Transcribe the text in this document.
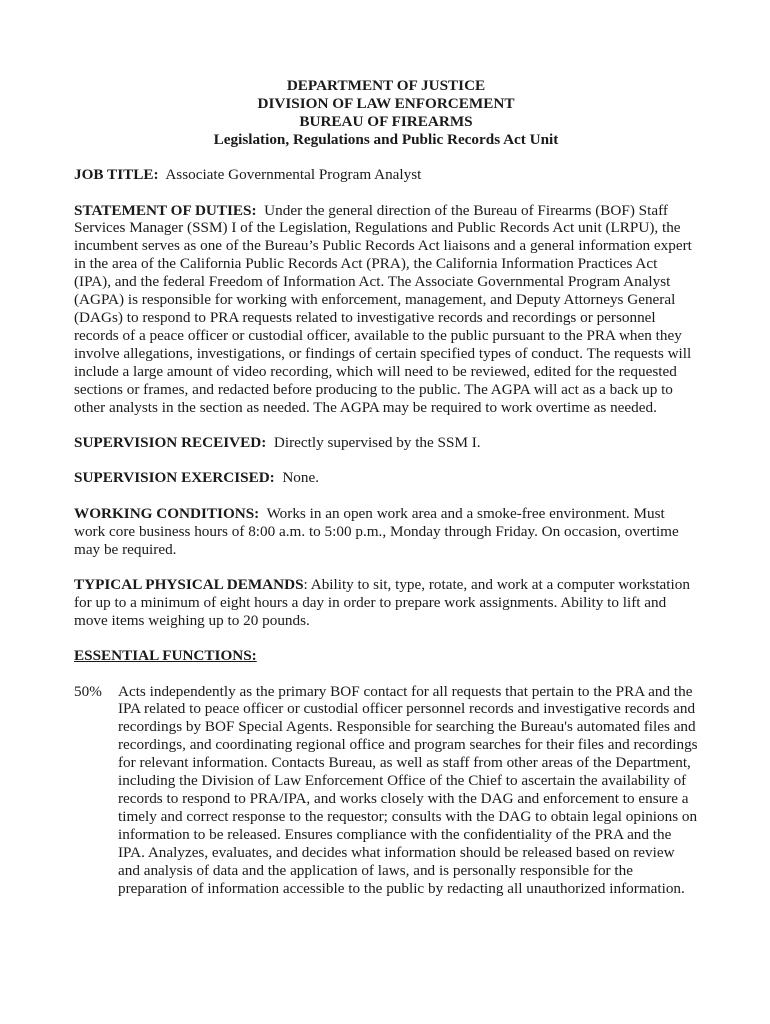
DEPARTMENT OF JUSTICE
DIVISION OF LAW ENFORCEMENT
BUREAU OF FIREARMS
Legislation, Regulations and Public Records Act Unit
JOB TITLE: Associate Governmental Program Analyst
STATEMENT OF DUTIES: Under the general direction of the Bureau of Firearms (BOF) Staff Services Manager (SSM) I of the Legislation, Regulations and Public Records Act unit (LRPU), the incumbent serves as one of the Bureau’s Public Records Act liaisons and a general information expert in the area of the California Public Records Act (PRA), the California Information Practices Act (IPA), and the federal Freedom of Information Act. The Associate Governmental Program Analyst (AGPA) is responsible for working with enforcement, management, and Deputy Attorneys General (DAGs) to respond to PRA requests related to investigative records and recordings or personnel records of a peace officer or custodial officer, available to the public pursuant to the PRA when they involve allegations, investigations, or findings of certain specified types of conduct. The requests will include a large amount of video recording, which will need to be reviewed, edited for the requested sections or frames, and redacted before producing to the public. The AGPA will act as a back up to other analysts in the section as needed. The AGPA may be required to work overtime as needed.
SUPERVISION RECEIVED: Directly supervised by the SSM I.
SUPERVISION EXERCISED: None.
WORKING CONDITIONS: Works in an open work area and a smoke-free environment. Must work core business hours of 8:00 a.m. to 5:00 p.m., Monday through Friday. On occasion, overtime may be required.
TYPICAL PHYSICAL DEMANDS: Ability to sit, type, rotate, and work at a computer workstation for up to a minimum of eight hours a day in order to prepare work assignments. Ability to lift and move items weighing up to 20 pounds.
ESSENTIAL FUNCTIONS:
50%	Acts independently as the primary BOF contact for all requests that pertain to the PRA and the IPA related to peace officer or custodial officer personnel records and investigative records and recordings by BOF Special Agents. Responsible for searching the Bureau's automated files and recordings, and coordinating regional office and program searches for their files and recordings for relevant information. Contacts Bureau, as well as staff from other areas of the Department, including the Division of Law Enforcement Office of the Chief to ascertain the availability of records to respond to PRA/IPA, and works closely with the DAG and enforcement to ensure a timely and correct response to the requestor; consults with the DAG to obtain legal opinions on information to be released. Ensures compliance with the confidentiality of the PRA and the IPA. Analyzes, evaluates, and decides what information should be released based on review and analysis of data and the application of laws, and is personally responsible for the preparation of information accessible to the public by redacting all unauthorized information.
